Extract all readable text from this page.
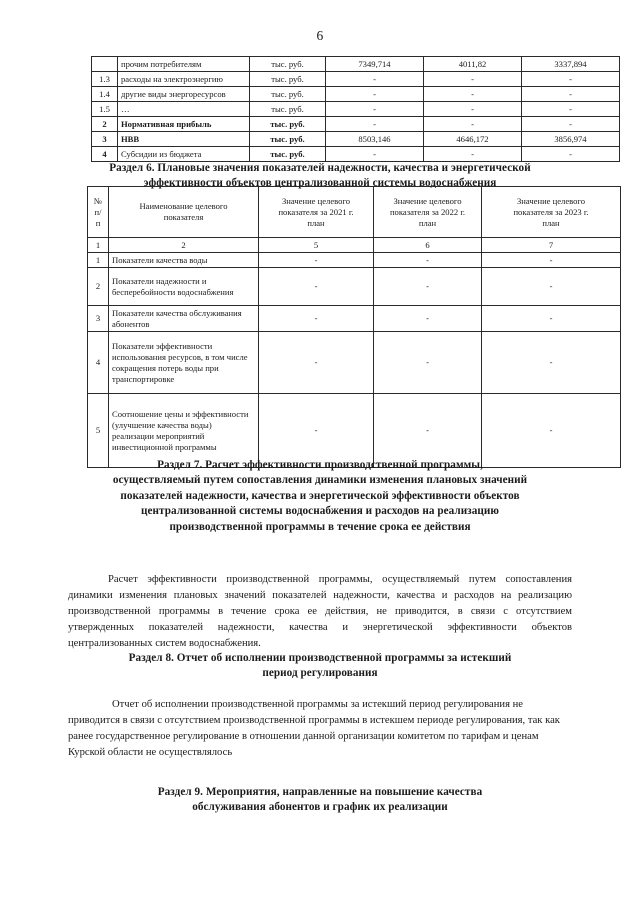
6
	прочим потребителям	тыс. руб.	7349,714	4011,82	3337,894
1.3	расходы на электроэнергию	тыс. руб.	-	-	-
1.4	другие виды энергоресурсов	тыс. руб.	-	-	-
1.5	…	тыс. руб.	-	-	-
2	Нормативная прибыль	тыс. руб.	-	-	-
3	НВВ	тыс. руб.	8503,146	4646,172	3856,974
4	Субсидии из бюджета	тыс. руб.	-	-	-
Раздел 6. Плановые значения показателей надежности, качества и энергетической
эффективности объектов централизованной системы водоснабжения
№
п/
п	Наименование целевого
показателя	Значение целевого
показателя за 2021 г.
план	Значение целевого
показателя за 2022 г.
план	Значение целевого
показателя за 2023 г.
план
1	2	5	6	7
1	Показатели качества воды	-	-	-
2	Показатели надежности и бесперебойности водоснабжения	-	-	-
3	Показатели качества обслуживания абонентов	-	-	-
4	Показатели эффективности использования ресурсов, в том числе сокращения потерь воды при транспортировке	-	-	-
5	Соотношение цены и эффективности (улучшение качества воды) реализации мероприятий инвестиционной программы	-	-	-
Раздел 7. Расчет эффективности производственной программы,
осуществляемый путем сопоставления динамики изменения плановых значений
показателей надежности, качества и энергетической эффективности объектов
централизованной системы водоснабжения и расходов на реализацию
производственной программы в течение срока ее действия
Расчет эффективности производственной программы, осуществляемый путем сопоставления динамики изменения плановых значений показателей надежности, качества и расходов на реализацию производственной программы в течение срока ее действия, не приводится, в связи с отсутствием утвержденных показателей надежности, качества и энергетической эффективности объектов централизованных систем водоснабжения.
Раздел 8. Отчет об исполнении производственной программы за истекший
период регулирования
Отчет об исполнении производственной программы за истекший период регулирования не приводится в связи с отсутствием производственной программы в истекшем периоде регулирования, так как ранее государственное регулирование в отношении данной организации комитетом по тарифам и ценам Курской области не осуществлялось
Раздел 9. Мероприятия, направленные на повышение качества
обслуживания абонентов и график их реализации
